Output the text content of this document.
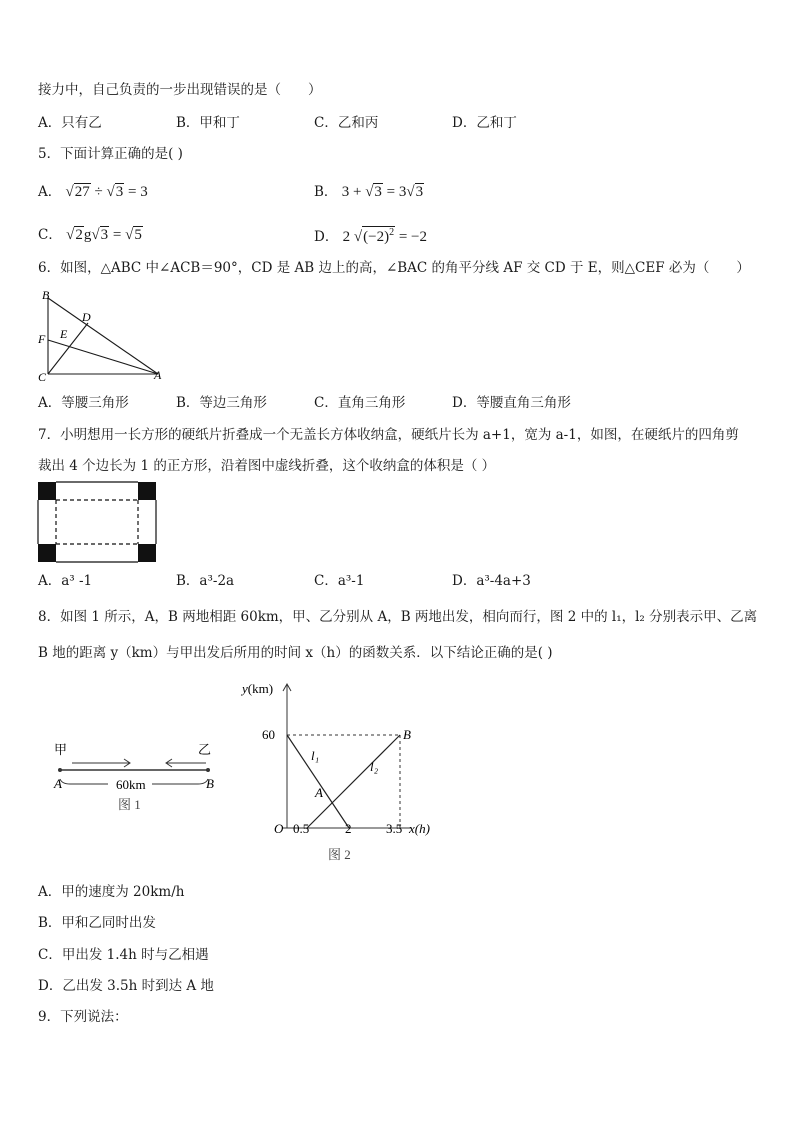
接力中，自己负责的一步出现错误的是（　　）
A．只有乙	B．甲和丁	C．乙和丙	D．乙和丁
5．下面计算正确的是( )
A． √27 ÷ √3 = 3	B． 3 + √3 = 3√3
C． √2g√3 = √5	D． 2 $√(-2)^2 = -2$
6．如图，△ABC 中∠ACB＝90°，CD 是 AB 边上的高，∠BAC 的角平分线 AF 交 CD 于 E，则△CEF 必为（　　）
B
D
F E
C	A
A．等腰三角形	B．等边三角形	C．直角三角形	D．等腰直角三角形
7．小明想用一长方形的硬纸片折叠成一个无盖长方体收纳盒，硬纸片长为 a+1，宽为 a-1，如图，在硬纸片的四角剪
裁出 4 个边长为 1 的正方形，沿着图中虚线折叠，这个收纳盒的体积是（ ）
A．a³ -1	B．a³-2a	C．a³-1	D．a³-4a+3
8．如图 1 所示，A，B 两地相距 60km，甲、乙分别从 A，B 两地出发，相向而行，图 2 中的 l₁，l₂ 分别表示甲、乙离
B 地的距离 y（km）与甲出发后所用的时间 x（h）的函数关系．以下结论正确的是( )
甲	乙
A	B
60km
图 1
y(km)
60
O 0.5	2	3.5 x(h)
l₁
l₂
A
B
图 2
A．甲的速度为 20km/h
B．甲和乙同时出发
C．甲出发 1.4h 时与乙相遇
D．乙出发 3.5h 时到达 A 地
9．下列说法：
